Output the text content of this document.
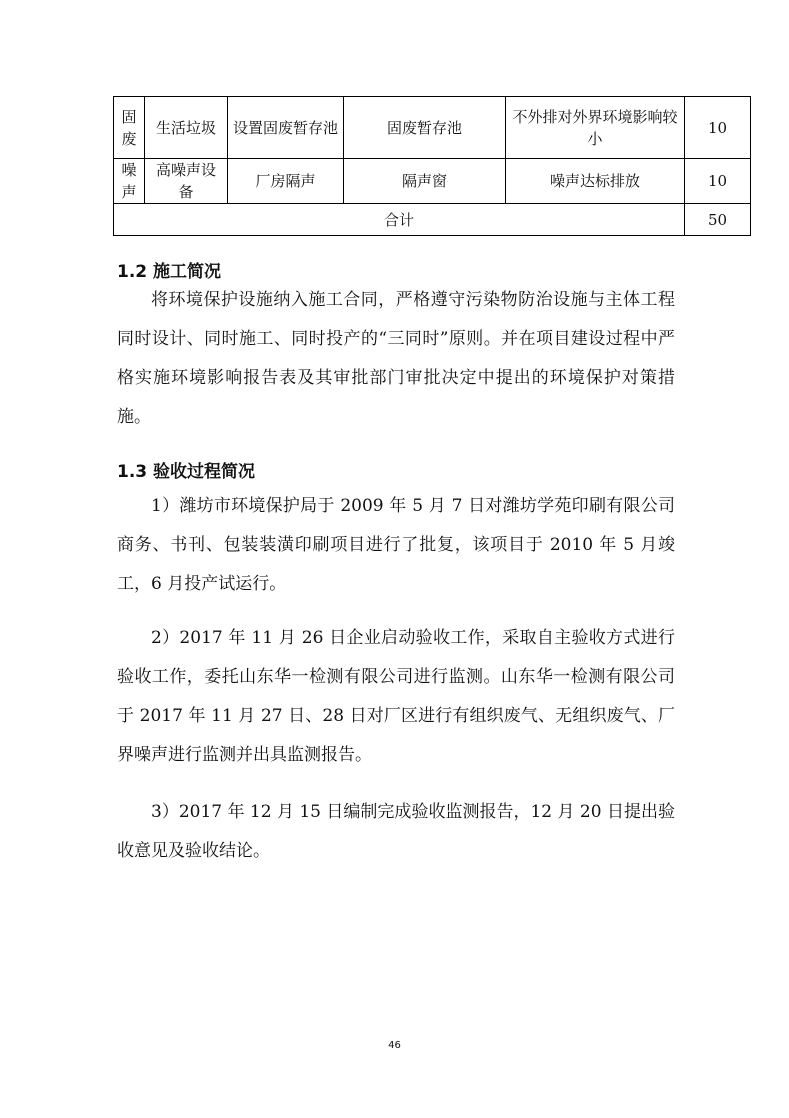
固废	生活垃圾	设置固废暂存池	固废暂存池	不外排对外界环境影响较小	10
噪声	高噪声设备	厂房隔声	隔声窗	噪声达标排放	10
合计					50
1.2 施工简况

将环境保护设施纳入施工合同，严格遵守污染物防治设施与主体工程同时设计、同时施工、同时投产的“三同时”原则。并在项目建设过程中严格实施环境影响报告表及其审批部门审批决定中提出的环境保护对策措施。

1.3 验收过程简况

1）潍坊市环境保护局于 2009 年 5 月 7 日对潍坊学苑印刷有限公司商务、书刊、包装装潢印刷项目进行了批复，该项目于 2010 年 5 月竣工，6 月投产试运行。

2）2017 年 11 月 26 日企业启动验收工作，采取自主验收方式进行验收工作，委托山东华一检测有限公司进行监测。山东华一检测有限公司于 2017 年 11 月 27 日、28 日对厂区进行有组织废气、无组织废气、厂界噪声进行监测并出具监测报告。

3）2017 年 12 月 15 日编制完成验收监测报告，12 月 20 日提出验收意见及验收结论。

46
